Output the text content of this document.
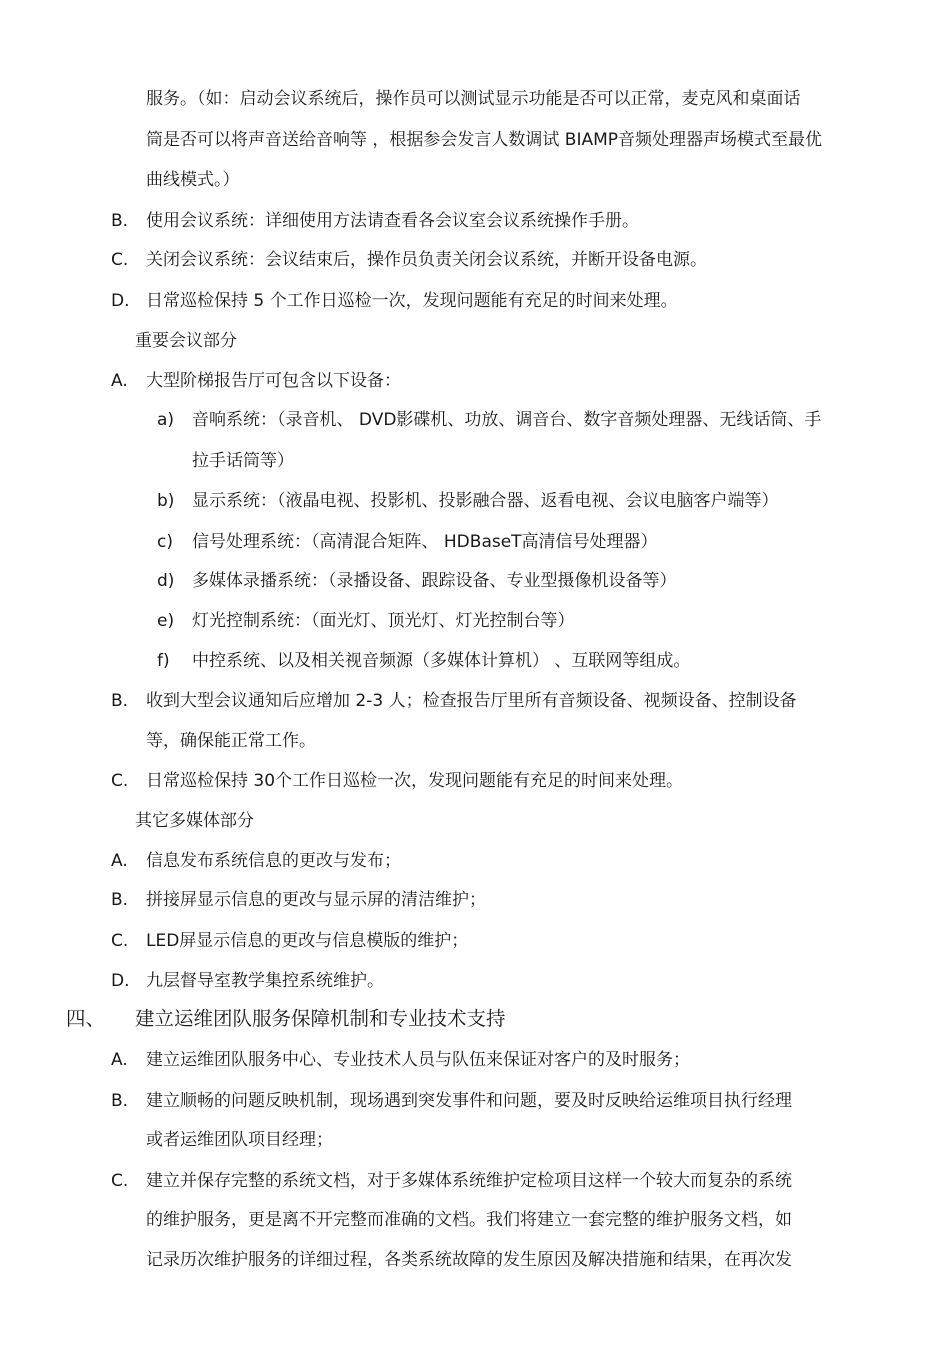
服务。（如：启动会议系统后，操作员可以测试显示功能是否可以正常，麦克风和桌面话
筒是否可以将声音送给音响等 ，根据参会发言人数调试 BIAMP音频处理器声场模式至最优
曲线模式。）
B. 使用会议系统：详细使用方法请查看各会议室会议系统操作手册。
C. 关闭会议系统：会议结束后，操作员负责关闭会议系统，并断开设备电源。
D. 日常巡检保持 5 个工作日巡检一次，发现问题能有充足的时间来处理。
重要会议部分
A. 大型阶梯报告厅可包含以下设备：
a) 音响系统：（录音机、 DVD影碟机、功放、调音台、数字音频处理器、无线话筒、手
拉手话筒等）
b) 显示系统：（液晶电视、投影机、投影融合器、返看电视、会议电脑客户端等）
c) 信号处理系统：（高清混合矩阵、 HDBaseT高清信号处理器）
d) 多媒体录播系统：（录播设备、跟踪设备、专业型摄像机设备等）
e) 灯光控制系统：（面光灯、顶光灯、灯光控制台等）
f) 中控系统、以及相关视音频源（多媒体计算机） 、互联网等组成。
B. 收到大型会议通知后应增加 2-3 人；检查报告厅里所有音频设备、视频设备、控制设备
等，确保能正常工作。
C. 日常巡检保持 30个工作日巡检一次，发现问题能有充足的时间来处理。
其它多媒体部分
A. 信息发布系统信息的更改与发布；
B. 拼接屏显示信息的更改与显示屏的清洁维护；
C. LED屏显示信息的更改与信息模版的维护；
D. 九层督导室教学集控系统维护。
四、 建立运维团队服务保障机制和专业技术支持
A. 建立运维团队服务中心、专业技术人员与队伍来保证对客户的及时服务；
B. 建立顺畅的问题反映机制，现场遇到突发事件和问题，要及时反映给运维项目执行经理
或者运维团队项目经理；
C. 建立并保存完整的系统文档，对于多媒体系统维护定检项目这样一个较大而复杂的系统
的维护服务，更是离不开完整而准确的文档。我们将建立一套完整的维护服务文档，如
记录历次维护服务的详细过程，各类系统故障的发生原因及解决措施和结果，在再次发
